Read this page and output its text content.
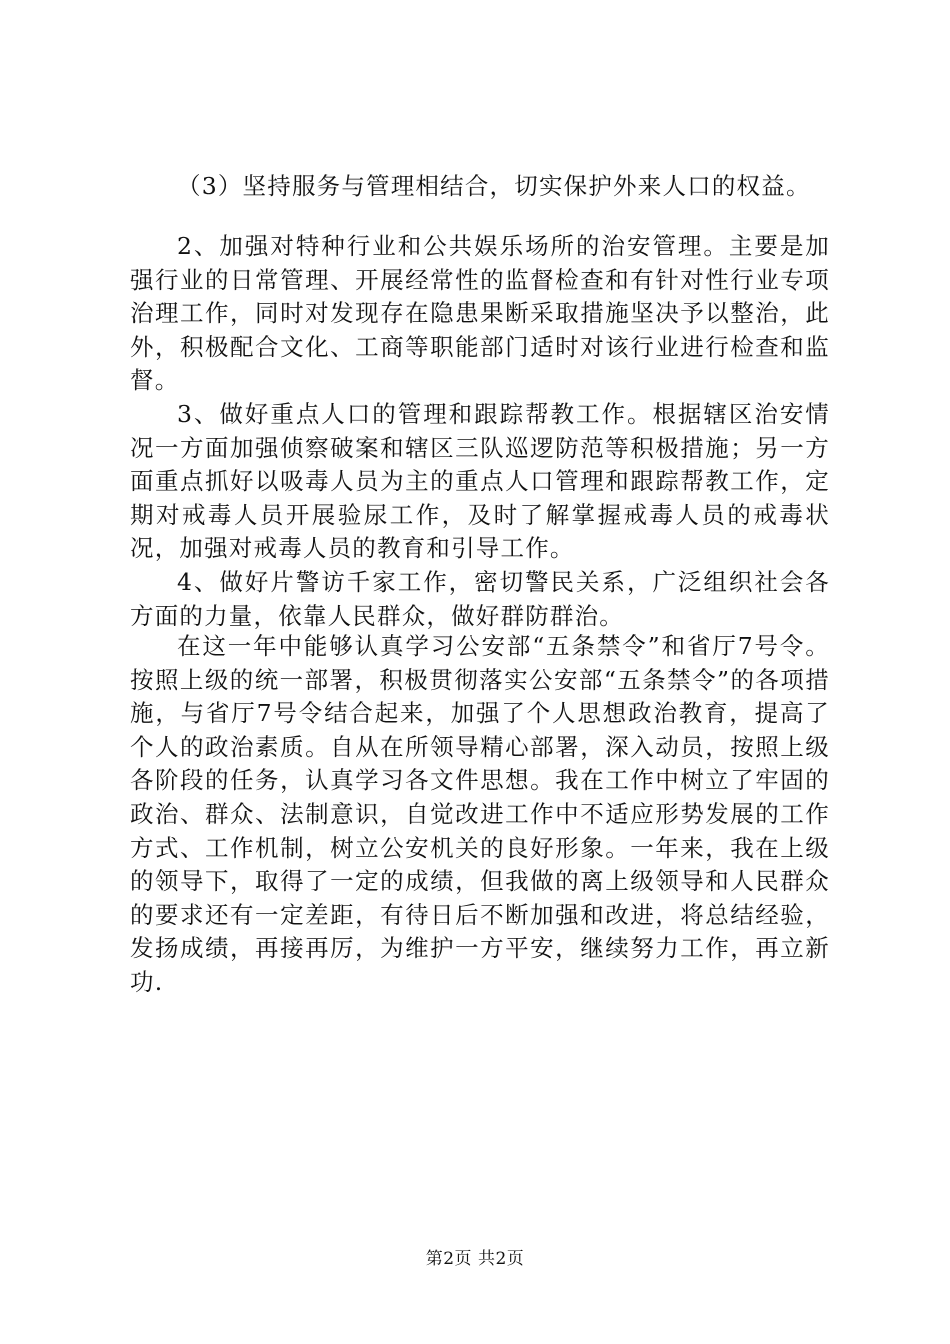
（3）坚持服务与管理相结合，切实保护外来人口的权益。

2、加强对特种行业和公共娱乐场所的治安管理。主要是加强行业的日常管理、开展经常性的监督检查和有针对性行业专项治理工作，同时对发现存在隐患果断采取措施坚决予以整治，此外，积极配合文化、工商等职能部门适时对该行业进行检查和监督。

3、做好重点人口的管理和跟踪帮教工作。根据辖区治安情况一方面加强侦察破案和辖区三队巡逻防范等积极措施；另一方面重点抓好以吸毒人员为主的重点人口管理和跟踪帮教工作，定期对戒毒人员开展验尿工作，及时了解掌握戒毒人员的戒毒状况，加强对戒毒人员的教育和引导工作。

4、做好片警访千家工作，密切警民关系，广泛组织社会各方面的力量，依靠人民群众，做好群防群治。

在这一年中能够认真学习公安部“五条禁令”和省厅7号令。按照上级的统一部署，积极贯彻落实公安部“五条禁令”的各项措施，与省厅7号令结合起来，加强了个人思想政治教育，提高了个人的政治素质。自从在所领导精心部署，深入动员，按照上级各阶段的任务，认真学习各文件思想。我在工作中树立了牢固的政治、群众、法制意识，自觉改进工作中不适应形势发展的工作方式、工作机制，树立公安机关的良好形象。一年来，我在上级的领导下，取得了一定的成绩，但我做的离上级领导和人民群众的要求还有一定差距，有待日后不断加强和改进，将总结经验，发扬成绩，再接再厉，为维护一方平安，继续努力工作，再立新功.

第2页 共2页
